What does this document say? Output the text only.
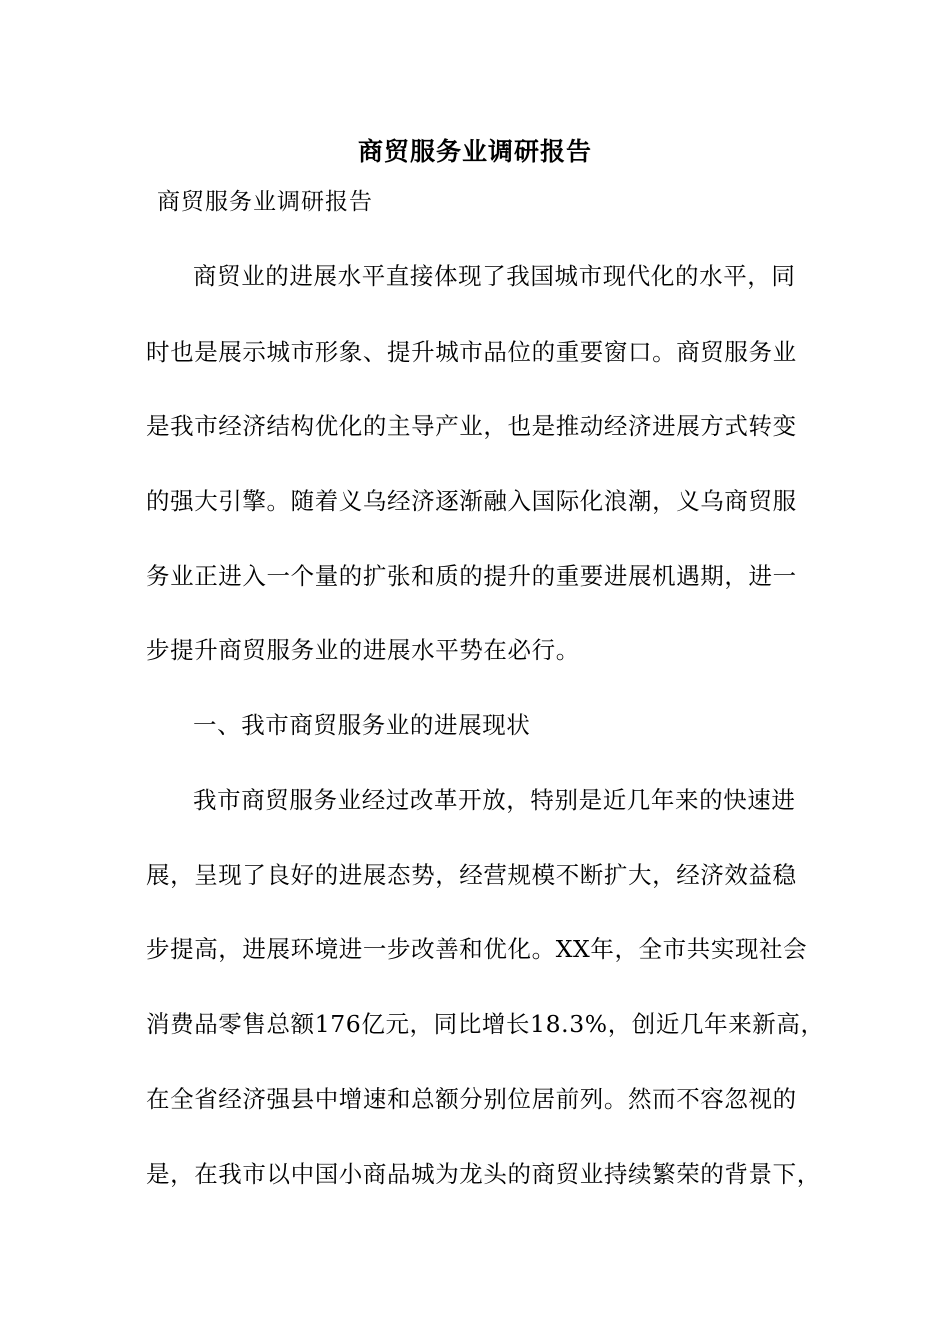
商贸服务业调研报告
商贸服务业调研报告
商贸业的进展水平直接体现了我国城市现代化的水平，同
时也是展示城市形象、提升城市品位的重要窗口。商贸服务业
是我市经济结构优化的主导产业，也是推动经济进展方式转变
的强大引擎。随着义乌经济逐渐融入国际化浪潮，义乌商贸服
务业正进入一个量的扩张和质的提升的重要进展机遇期，进一
步提升商贸服务业的进展水平势在必行。
一、我市商贸服务业的进展现状
我市商贸服务业经过改革开放，特别是近几年来的快速进
展，呈现了良好的进展态势，经营规模不断扩大，经济效益稳
步提高，进展环境进一步改善和优化。XX年，全市共实现社会
消费品零售总额176亿元，同比增长18.3%，创近几年来新高，
在全省经济强县中增速和总额分别位居前列。然而不容忽视的
是，在我市以中国小商品城为龙头的商贸业持续繁荣的背景下，
